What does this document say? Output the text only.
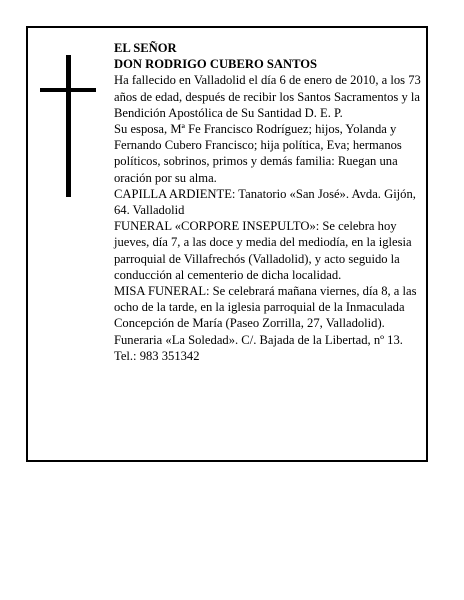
EL SEÑOR

DON RODRIGO CUBERO SANTOS

Ha fallecido en Valladolid el día 6 de enero de 2010, a los 73 años de edad, después de recibir los Santos Sacramentos y la Bendición Apostólica de Su Santidad D. E. P.

Su esposa, Mª Fe Francisco Rodríguez; hijos, Yolanda y Fernando Cubero Francisco; hija política, Eva; hermanos políticos, sobrinos, primos y demás familia: Ruegan una oración por su alma.

CAPILLA ARDIENTE: Tanatorio «San José». Avda. Gijón, 64. Valladolid

FUNERAL «CORPORE INSEPULTO»: Se celebra hoy jueves, día 7, a las doce y media del mediodía, en la iglesia parroquial de Villafrechós (Valladolid), y acto seguido la conducción al cementerio de dicha localidad.

MISA FUNERAL: Se celebrará mañana viernes, día 8, a las ocho de la tarde, en la iglesia parroquial de la Inmaculada Concepción de María (Paseo Zorrilla, 27, Valladolid).

Funeraria «La Soledad». C/. Bajada de la Libertad, nº 13. Tel.: 983 351342
